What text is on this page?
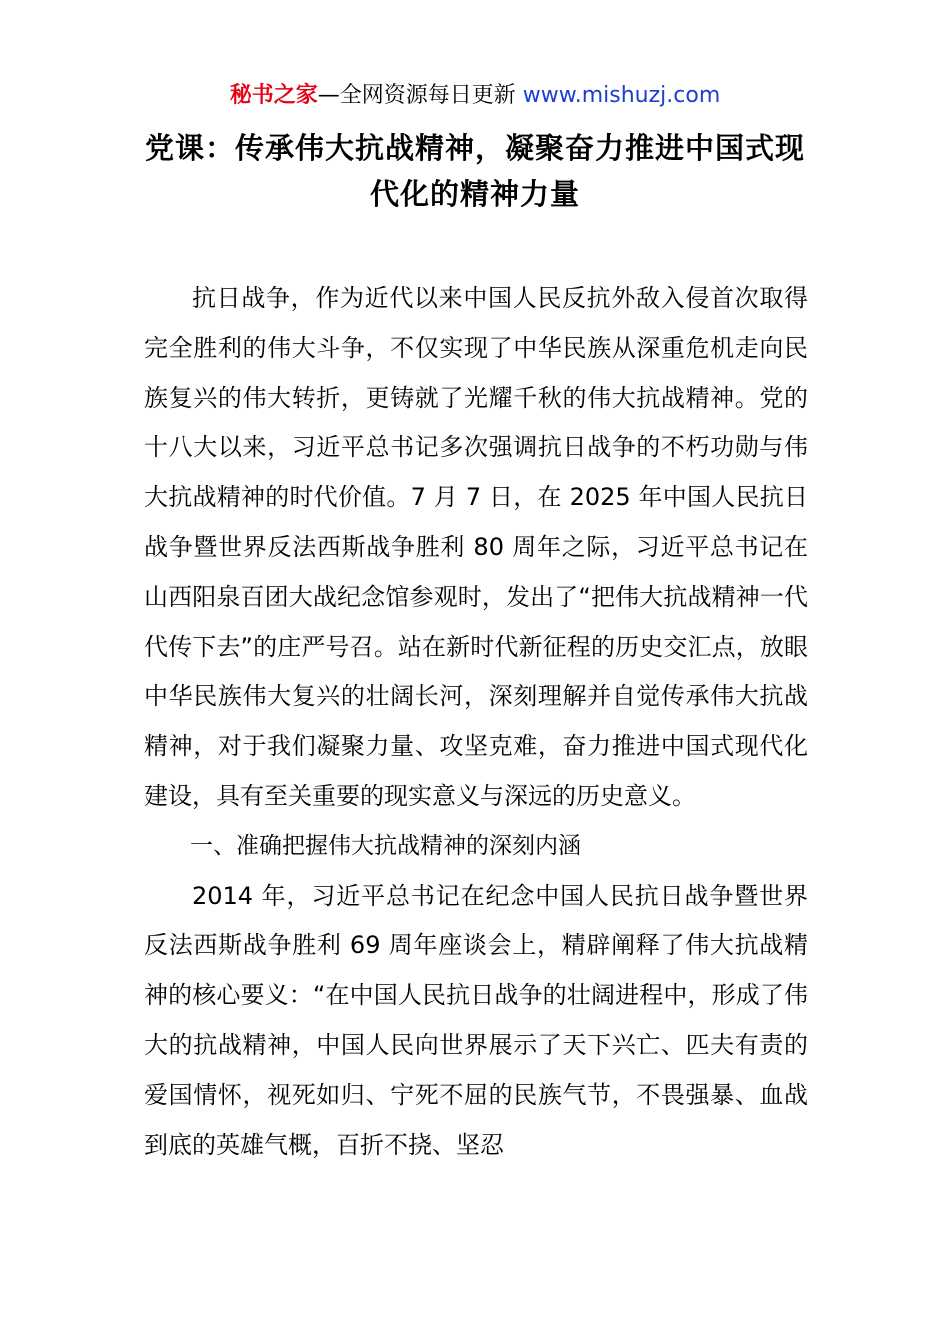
秘书之家—全网资源每日更新 www.mishuzj.com
党课：传承伟大抗战精神，凝聚奋力推进中国式现代化的精神力量

抗日战争，作为近代以来中国人民反抗外敌入侵首次取得完全胜利的伟大斗争，不仅实现了中华民族从深重危机走向民族复兴的伟大转折，更铸就了光耀千秋的伟大抗战精神。党的十八大以来，习近平总书记多次强调抗日战争的不朽功勋与伟大抗战精神的时代价值。7 月 7 日，在 2025 年中国人民抗日战争暨世界反法西斯战争胜利 80 周年之际，习近平总书记在山西阳泉百团大战纪念馆参观时，发出了“把伟大抗战精神一代代传下去”的庄严号召。站在新时代新征程的历史交汇点，放眼中华民族伟大复兴的壮阔长河，深刻理解并自觉传承伟大抗战精神，对于我们凝聚力量、攻坚克难，奋力推进中国式现代化建设，具有至关重要的现实意义与深远的历史意义。

一、准确把握伟大抗战精神的深刻内涵

2014 年，习近平总书记在纪念中国人民抗日战争暨世界反法西斯战争胜利 69 周年座谈会上，精辟阐释了伟大抗战精神的核心要义：“在中国人民抗日战争的壮阔进程中，形成了伟大的抗战精神，中国人民向世界展示了天下兴亡、匹夫有责的爱国情怀，视死如归、宁死不屈的民族气节，不畏强暴、血战到底的英雄气概，百折不挠、坚忍
